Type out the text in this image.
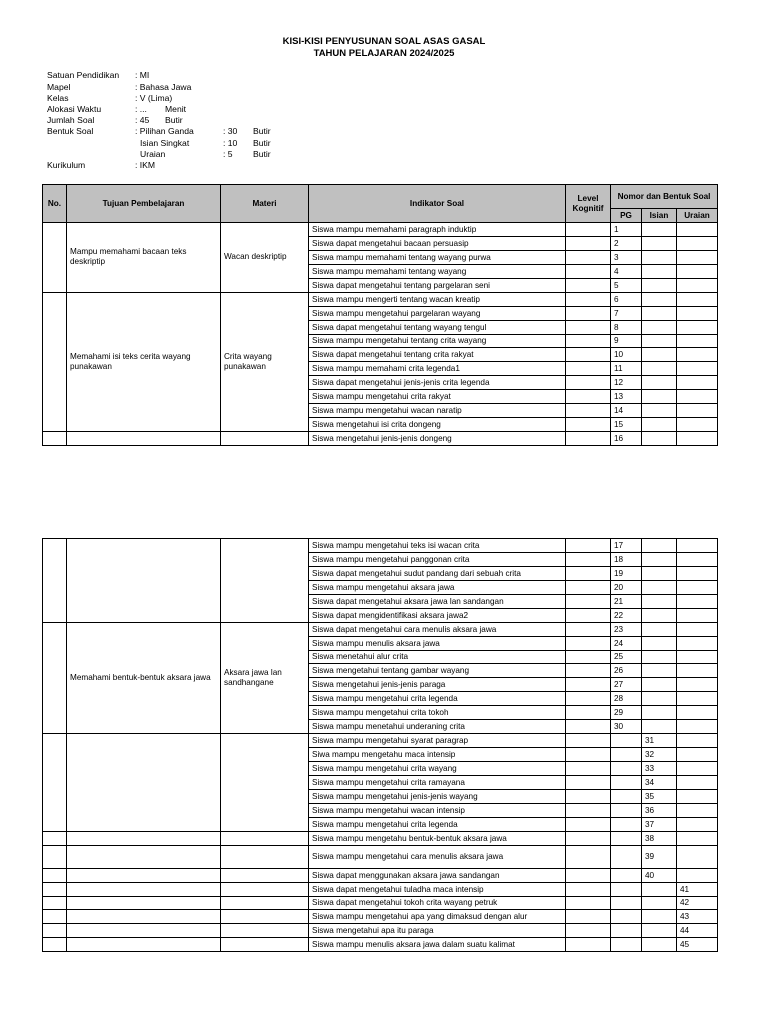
KISI-KISI PENYUSUNAN SOAL ASAS GASAL
TAHUN PELAJARAN 2024/2025
Satuan Pendidikan : MI
Mapel	: Bahasa Jawa
Kelas	: V (Lima)
Alokasi Waktu	: ... Menit
Jumlah Soal	: 45 Butir
Bentuk Soal	: Pilihan Ganda	: 30 Butir
Isian Singkat	: 10 Butir
Uraian	: 5 Butir
Kurikulum	: IKM
No.	Tujuan Pembelajaran	Materi	Indikator Soal	Level Kognitif	Nomor dan Bentuk Soal		
					PG	Isian	Uraian
	Mampu memahami bacaan teks deskriptip	Wacan deskriptip	Siswa mampu memahami paragraph induktip		1		
			Siswa dapat mengetahui bacaan persuasip		2		
			Siswa mampu memahami tentang wayang purwa		3		
			Siswa mampu memahami tentang wayang		4		
			Siswa dapat mengetahui tentang pargelaran seni		5		
	Memahami isi teks cerita wayang punakawan	Crita wayang punakawan	Siswa mampu mengerti tentang wacan kreatip		6		
			Siswa mampu mengetahui pargelaran wayang		7		
			Siswa dapat mengetahui tentang wayang tengul		8		
			Siswa mampu mengetahui tentang crita wayang		9		
			Siswa dapat mengetahui tentang crita rakyat		10		
			Siswa mampu memahami crita legenda1		11		
			Siswa dapat mengetahui jenis-jenis crita legenda		12		
			Siswa mampu mengetahui crita rakyat		13		
			Siswa mampu mengetahui wacan naratip		14		
			Siswa mengetahui isi crita dongeng		15		
			Siswa mengetahui jenis-jenis dongeng		16		
			Siswa mampu mengetahui teks isi wacan crita		17		
			Siswa mampu mengetahui panggonan crita		18		
			Siswa dapat mengetahui sudut pandang dari sebuah crita		19		
			Siswa mampu mengetahui aksara jawa		20		
			Siswa dapat mengetahui aksara jawa lan sandangan		21		
			Siswa dapat mengidentifikasi aksara jawa2		22		
	Memahami bentuk-bentuk aksara jawa	Aksara jawa lan sandhangane	Siswa dapat mengetahui cara menulis aksara jawa		23		
			Siswa mampu menulis aksara jawa		24		
			Siswa menetahui alur crita		25		
			Siswa mengetahui tentang gambar wayang		26		
			Siswa mengetahui jenis-jenis paraga		27		
			Siswa mampu mengetahui crita legenda		28		
			Siswa mampu mengetahui crita tokoh		29		
			Siswa mampu menetahui underaning crita		30		
			Siswa mampu mengetahui syarat paragrap			31	
			Siwa mampu mengetahu maca intensip			32	
			Siswa mampu mengetahui crita wayang			33	
			Siswa mampu mengetahui crita ramayana			34	
			Siswa mampu mengetahui jenis-jenis wayang			35	
			Siswa mampu mengetahui wacan intensip			36	
			Siswa mampu mengetahui crita legenda			37	
			Siswa mampu mengetahu bentuk-bentuk aksara jawa			38	
			Siswa mampu mengetahui cara menulis aksara jawa			39	
			Siswa dapat menggunakan aksara jawa sandangan			40	
			Siswa dapat mengetahui tuladha maca intensip				41
			Siswa dapat mengetahui tokoh crita wayang petruk				42
			Siswa mampu mengetahui apa yang dimaksud dengan alur				43
			Siswa mengetahui apa itu paraga				44
			Siswa mampu menulis aksara jawa dalam suatu kalimat				45
